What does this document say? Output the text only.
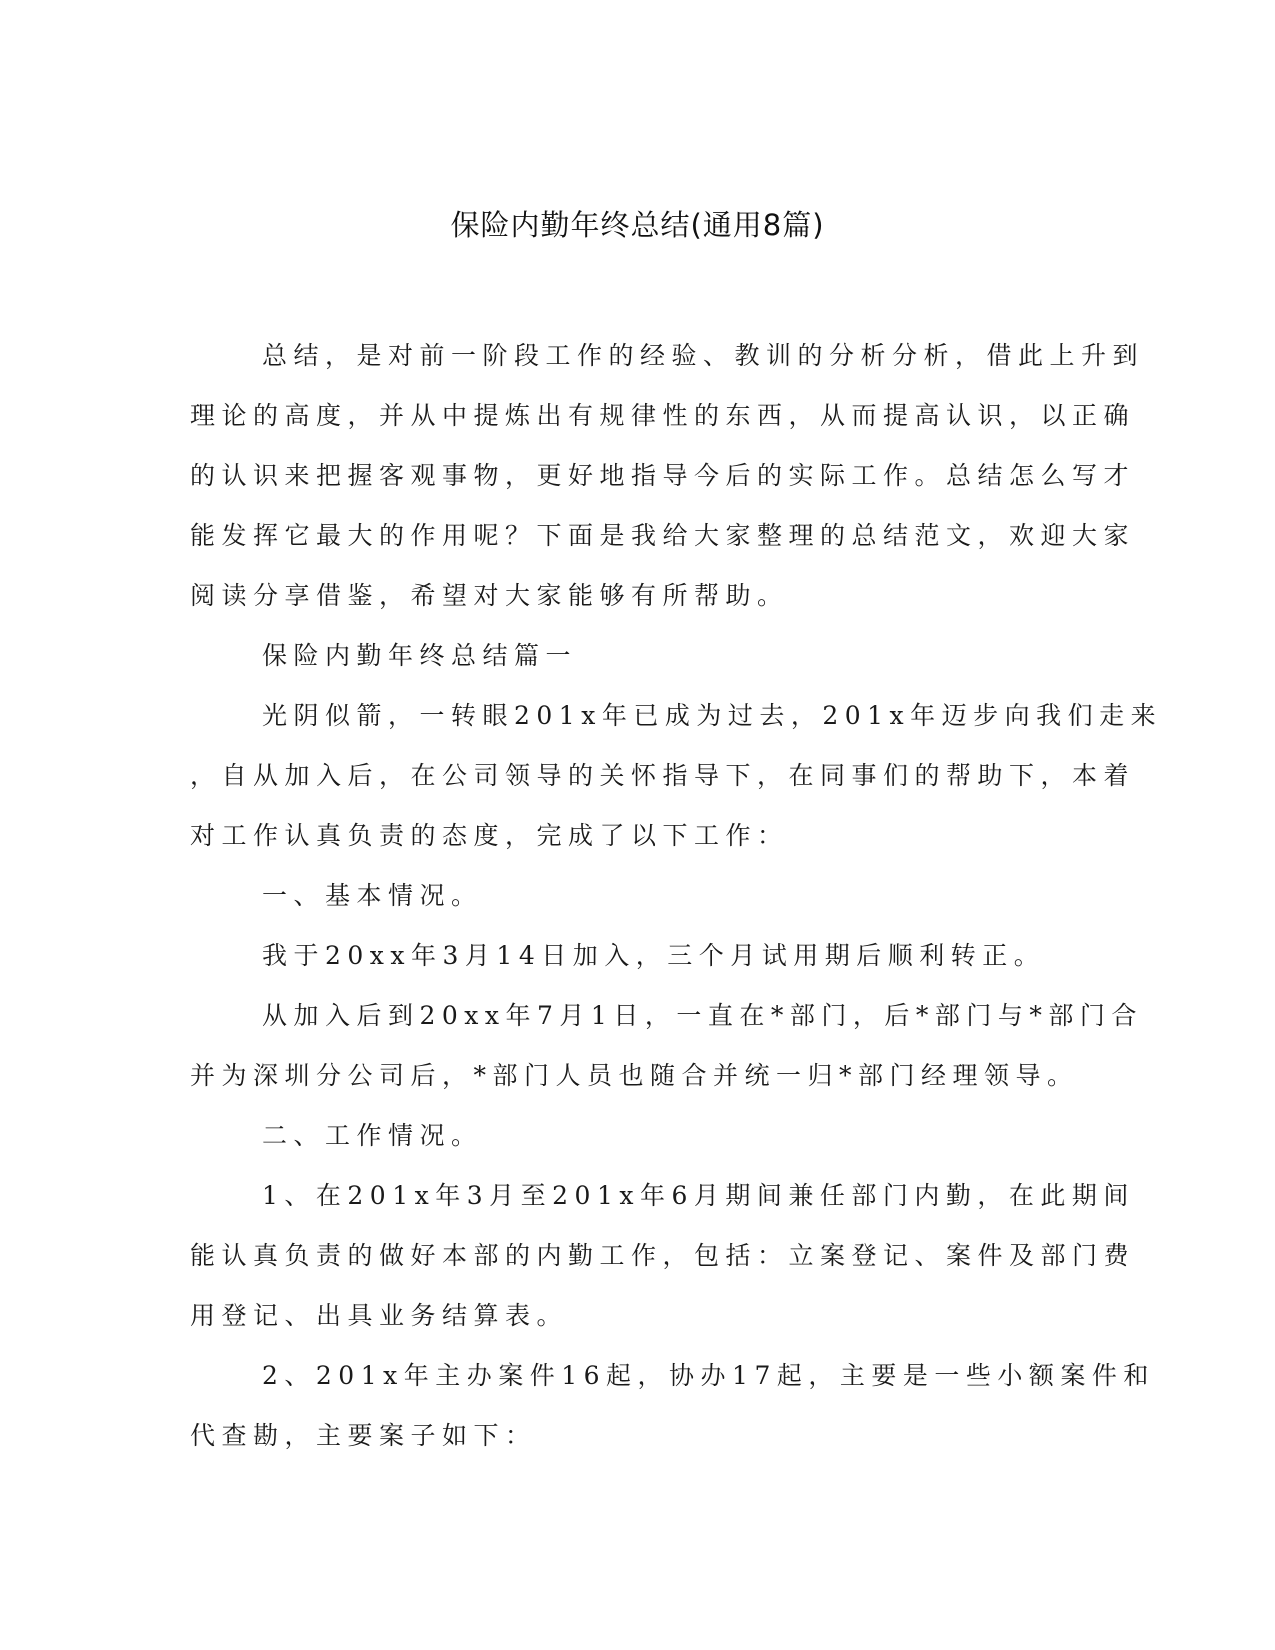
保险内勤年终总结(通用8篇)
总结，是对前一阶段工作的经验、教训的分析分析，借此上升到
理论的高度，并从中提炼出有规律性的东西，从而提高认识，以正确
的认识来把握客观事物，更好地指导今后的实际工作。总结怎么写才
能发挥它最大的作用呢？下面是我给大家整理的总结范文，欢迎大家
阅读分享借鉴，希望对大家能够有所帮助。
保险内勤年终总结篇一
光阴似箭，一转眼201x年已成为过去，201x年迈步向我们走来
，自从加入后，在公司领导的关怀指导下，在同事们的帮助下，本着
对工作认真负责的态度，完成了以下工作：
一、基本情况。
我于20xx年3月14日加入，三个月试用期后顺利转正。
从加入后到20xx年7月1日，一直在*部门，后*部门与*部门合
并为深圳分公司后，*部门人员也随合并统一归*部门经理领导。
二、工作情况。
1、在201x年3月至201x年6月期间兼任部门内勤，在此期间
能认真负责的做好本部的内勤工作，包括：立案登记、案件及部门费
用登记、出具业务结算表。
2、201x年主办案件16起，协办17起，主要是一些小额案件和
代查勘，主要案子如下：
